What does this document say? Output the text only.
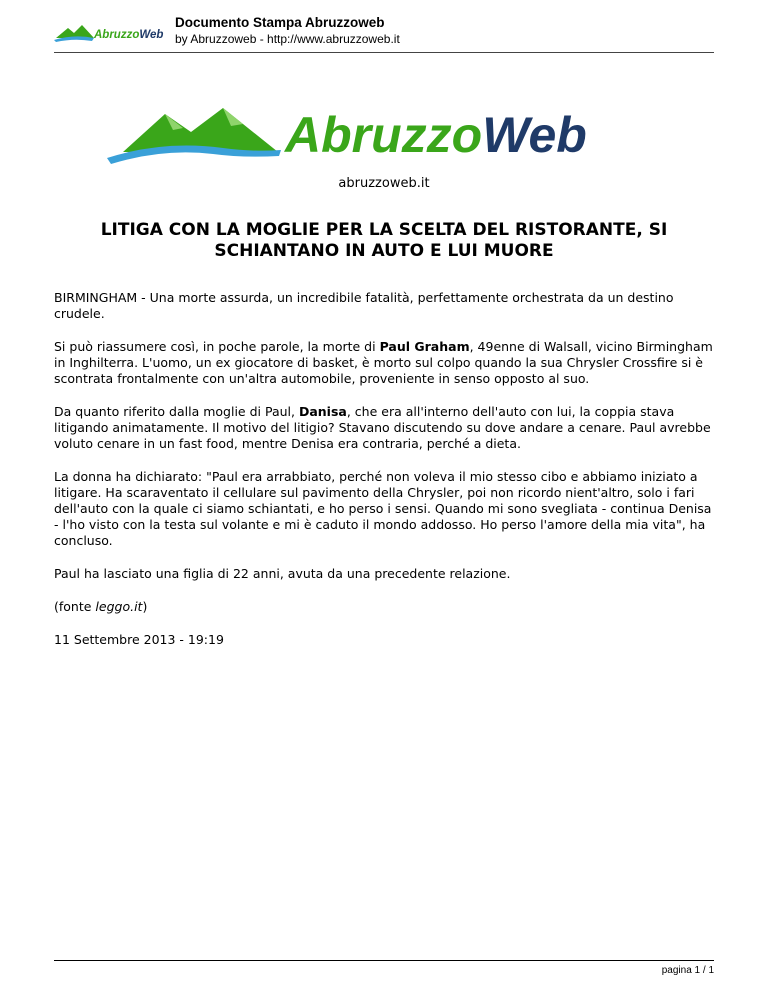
AbruzzoWeb
Documento Stampa Abruzzoweb
by Abruzzoweb - http://www.abruzzoweb.it
AbruzzoWeb
abruzzoweb.it
LITIGA CON LA MOGLIE PER LA SCELTA DEL RISTORANTE, SI SCHIANTANO IN AUTO E LUI MUORE

BIRMINGHAM - Una morte assurda, un incredibile fatalità, perfettamente orchestrata da un destino crudele.

Si può riassumere così, in poche parole, la morte di Paul Graham, 49enne di Walsall, vicino Birmingham in Inghilterra. L'uomo, un ex giocatore di basket, è morto sul colpo quando la sua Chrysler Crossfire si è scontrata frontalmente con un'altra automobile, proveniente in senso opposto al suo.

Da quanto riferito dalla moglie di Paul, Danisa, che era all'interno dell'auto con lui, la coppia stava litigando animatamente. Il motivo del litigio? Stavano discutendo su dove andare a cenare. Paul avrebbe voluto cenare in un fast food, mentre Denisa era contraria, perché a dieta.

La donna ha dichiarato: "Paul era arrabbiato, perché non voleva il mio stesso cibo e abbiamo iniziato a litigare. Ha scaraventato il cellulare sul pavimento della Chrysler, poi non ricordo nient'altro, solo i fari dell'auto con la quale ci siamo schiantati, e ho perso i sensi. Quando mi sono svegliata - continua Denisa - l'ho visto con la testa sul volante e mi è caduto il mondo addosso. Ho perso l'amore della mia vita", ha concluso.

Paul ha lasciato una figlia di 22 anni, avuta da una precedente relazione.

(fonte leggo.it)

11 Settembre 2013 - 19:19

pagina 1 / 1
